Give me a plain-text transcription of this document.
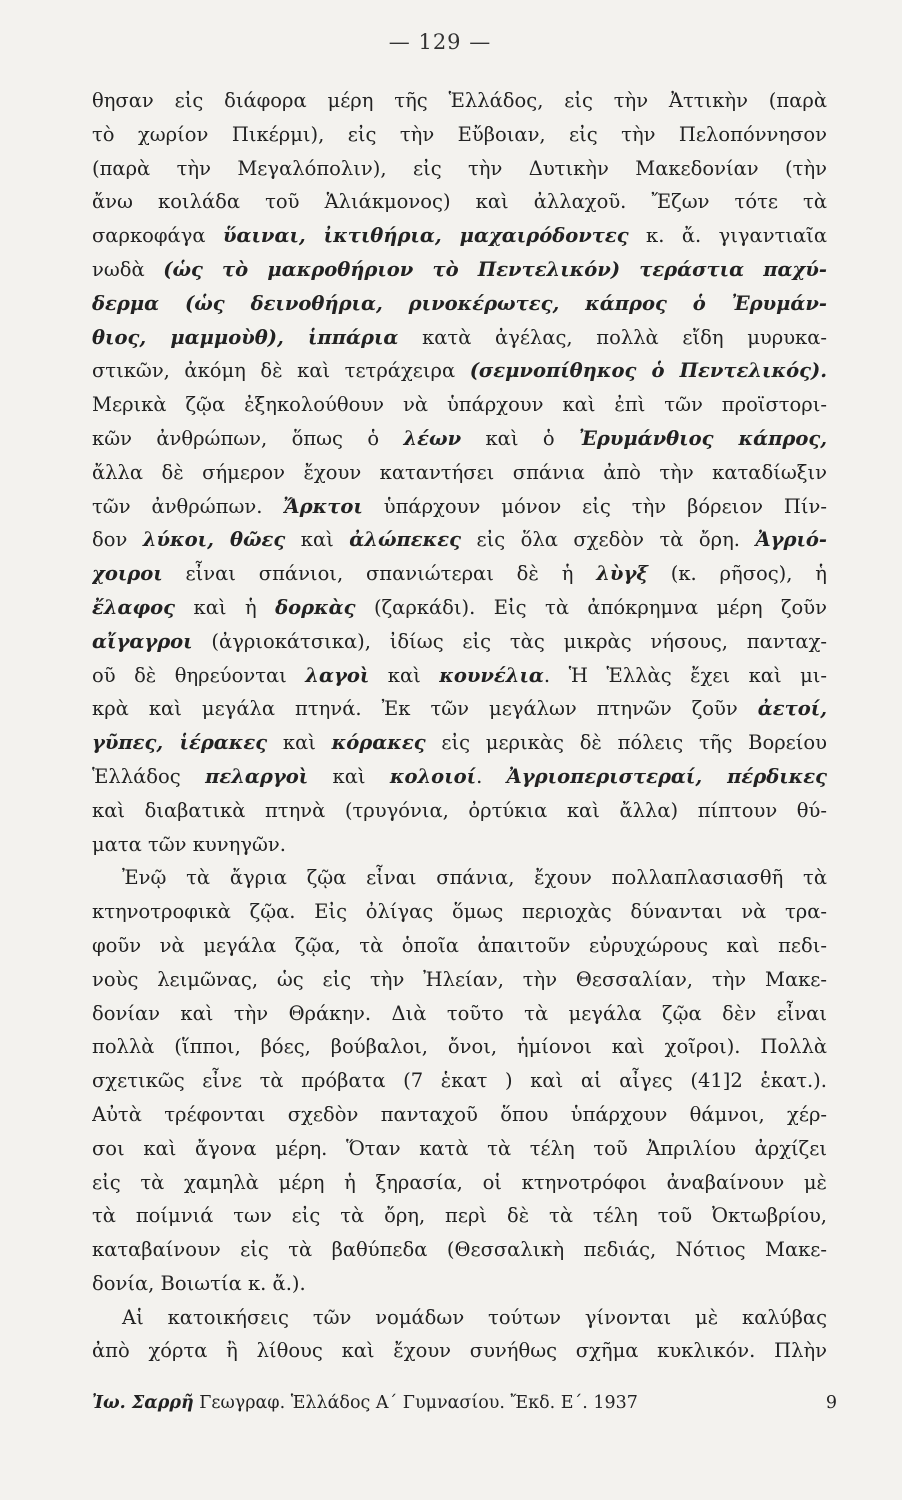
— 129 —
θησαν εἰς διάφορα μέρη τῆς Ἑλλάδος, εἰς τὴν Ἀττικὴν (παρὰ
τὸ χωρίον Πικέρμι), εἰς τὴν Εὔβοιαν, εἰς τὴν Πελοπόννησον
(παρὰ τὴν Μεγαλόπολιν), εἰς τὴν Δυτικὴν Μακεδονίαν (τὴν
ἄνω κοιλάδα τοῦ Ἁλιάκμονος) καὶ ἀλλαχοῦ. Ἔζων τότε τὰ
σαρκοφάγα ὕαιναι, ἰκτιθήρια, μαχαιρόδοντες κ. ἄ. γιγαντιαῖα
νωδὰ (ὡς τὸ μακροθήριον τὸ Πεντελικόν) τεράστια παχύ-
δερμα (ὡς δεινοθήρια, ρινοκέρωτες, κάπρος ὁ Ἐρυμάν-
θιος, μαμμοὺθ), ἱππάρια κατὰ ἀγέλας, πολλὰ εἴδη μυρυκα-
στικῶν, ἀκόμη δὲ καὶ τετράχειρα (σεμνοπίθηκος ὁ Πεντελικός).
Μερικὰ ζῷα ἐξηκολούθουν νὰ ὑπάρχουν καὶ ἐπὶ τῶν προϊστορι-
κῶν ἀνθρώπων, ὅπως ὁ λέων καὶ ὁ Ἐρυμάνθιος κάπρος,
ἄλλα δὲ σήμερον ἔχουν καταντήσει σπάνια ἀπὸ τὴν καταδίωξιν
τῶν ἀνθρώπων. Ἄρκτοι ὑπάρχουν μόνον εἰς τὴν βόρειον Πίν-
δον λύκοι, θῶες καὶ ἀλώπεκες εἰς ὅλα σχεδὸν τὰ ὄρη. Ἀγριό-
χοιροι εἶναι σπάνιοι, σπανιώτεραι δὲ ἡ λὺγξ (κ. ρῆσος), ἡ
ἔλαφος καὶ ἡ δορκὰς (ζαρκάδι). Εἰς τὰ ἀπόκρημνα μέρη ζοῦν
αἴγαγροι (ἀγριοκάτσικα), ἰδίως εἰς τὰς μικρὰς νήσους, πανταχ-
οῦ δὲ θηρεύονται λαγοὶ καὶ κουνέλια. Ἡ Ἑλλὰς ἔχει καὶ μι-
κρὰ καὶ μεγάλα πτηνά. Ἐκ τῶν μεγάλων πτηνῶν ζοῦν ἀετοί,
γῦπες, ἱέρακες καὶ κόρακες εἰς μερικὰς δὲ πόλεις τῆς Βορείου
Ἑλλάδος πελαργοὶ καὶ κολοιοί. Ἀγριοπεριστεραί, πέρδικες
καὶ διαβατικὰ πτηνὰ (τρυγόνια, ὀρτύκια καὶ ἄλλα) πίπτουν θύ-
ματα τῶν κυνηγῶν.
Ἐνῷ τὰ ἄγρια ζῷα εἶναι σπάνια, ἔχουν πολλαπλασιασθῆ τὰ
κτηνοτροφικὰ ζῷα. Εἰς ὀλίγας ὅμως περιοχὰς δύνανται νὰ τρα-
φοῦν νὰ μεγάλα ζῷα, τὰ ὁποῖα ἀπαιτοῦν εὐρυχώρους καὶ πεδι-
νοὺς λειμῶνας, ὡς εἰς τὴν Ἠλείαν, τὴν Θεσσαλίαν, τὴν Μακε-
δονίαν καὶ τὴν Θράκην. Διὰ τοῦτο τὰ μεγάλα ζῷα δὲν εἶναι
πολλὰ (ἵπποι, βόες, βούβαλοι, ὄνοι, ἡμίονοι καὶ χοῖροι). Πολλὰ
σχετικῶς εἶνε τὰ πρόβατα (7 ἑκατ ) καὶ αἱ αἶγες (41]2 ἑκατ.).
Αὐτὰ τρέφονται σχεδὸν πανταχοῦ ὅπου ὑπάρχουν θάμνοι, χέρ-
σοι καὶ ἄγονα μέρη. Ὅταν κατὰ τὰ τέλη τοῦ Ἀπριλίου ἀρχίζει
εἰς τὰ χαμηλὰ μέρη ἡ ξηρασία, οἱ κτηνοτρόφοι ἀναβαίνουν μὲ
τὰ ποίμνιά των εἰς τὰ ὄρη, περὶ δὲ τὰ τέλη τοῦ Ὀκτωβρίου,
καταβαίνουν εἰς τὰ βαθύπεδα (Θεσσαλικὴ πεδιάς, Νότιος Μακε-
δονία, Βοιωτία κ. ἄ.).
Αἱ κατοικήσεις τῶν νομάδων τούτων γίνονται μὲ καλύβας
ἀπὸ χόρτα ἢ λίθους καὶ ἔχουν συνήθως σχῆμα κυκλικόν. Πλὴν
Ἰω. Σαρρῆ Γεωγραφ. Ἑλλάδος Α΄ Γυμνασίου. Ἔκδ. Ε΄. 1937	9
